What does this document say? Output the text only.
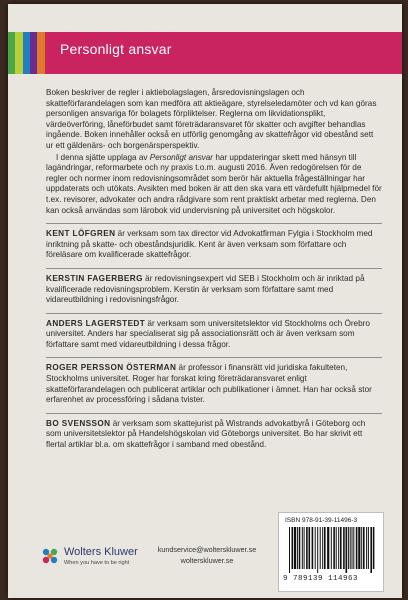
Personligt ansvar

Boken beskriver de regler i aktiebolagslagen, årsredovisningslagen och skatteförfarandelagen som kan medföra att aktieägare, styrelseledamöter och vd kan göras personligen ansvariga för bolagets förpliktelser. Reglerna om likvidationsplikt, värdeöverföring, låneförbudet samt företrädaransvaret för skatter och avgifter behandlas ingående. Boken innehåller också en utförlig genomgång av skattefrågor vid obestånd sett ur ett gäldenärs- och borgenärsperspektiv.

I denna sjätte upplaga av Personligt ansvar har uppdateringar skett med hänsyn till lagändringar, reformarbete och ny praxis t.o.m. augusti 2016. Även redogörelsen för de regler och normer inom redovisningsområdet som berör här aktuella frågeställningar har uppdaterats och utökats. Avsikten med boken är att den ska vara ett värdefullt hjälpmedel för t.ex. revisorer, advokater och andra rådgivare som rent praktiskt arbetar med reglerna. Den kan också användas som lärobok vid undervisning på universitet och högskolor.

KENT LÖFGREN är verksam som tax director vid Advokatfirman Fylgia i Stockholm med inriktning på skatte- och obeståndsjuridik. Kent är även verksam som författare och föreläsare om kvalificerade skattefrågor.

KERSTIN FAGERBERG är redovisningsexpert vid SEB i Stockholm och är inriktad på kvalificerade redovisningsproblem. Kerstin är verksam som författare samt med vidareutbildning i redovisningsfrågor.

ANDERS LAGERSTEDT är verksam som universitetslektor vid Stockholms och Örebro universitet. Anders har specialiserat sig på associationsrätt och är även verksam som författare samt med vidareutbildning i dessa frågor.

ROGER PERSSON ÖSTERMAN är professor i finansrätt vid juridiska fakulteten, Stockholms universitet. Roger har forskat kring företrädaransvaret enligt skatteförfarandelagen och publicerat artiklar och publikationer i ämnet. Han har också stor erfarenhet av processföring i sådana tvister.

BO SVENSSON är verksam som skattejurist på Wistrands advokatbyrå i Göteborg och som universitetslektor på Handelshögskolan vid Göteborgs universitet. Bo har skrivit ett flertal artiklar bl.a. om skattefrågor i samband med obestånd.

ISBN 978-91-39-11496-3
9 789139 114963
Wolters Kluwer
When you have to be right
kundservice@wolterskluwer.se
wolterskluwer.se
